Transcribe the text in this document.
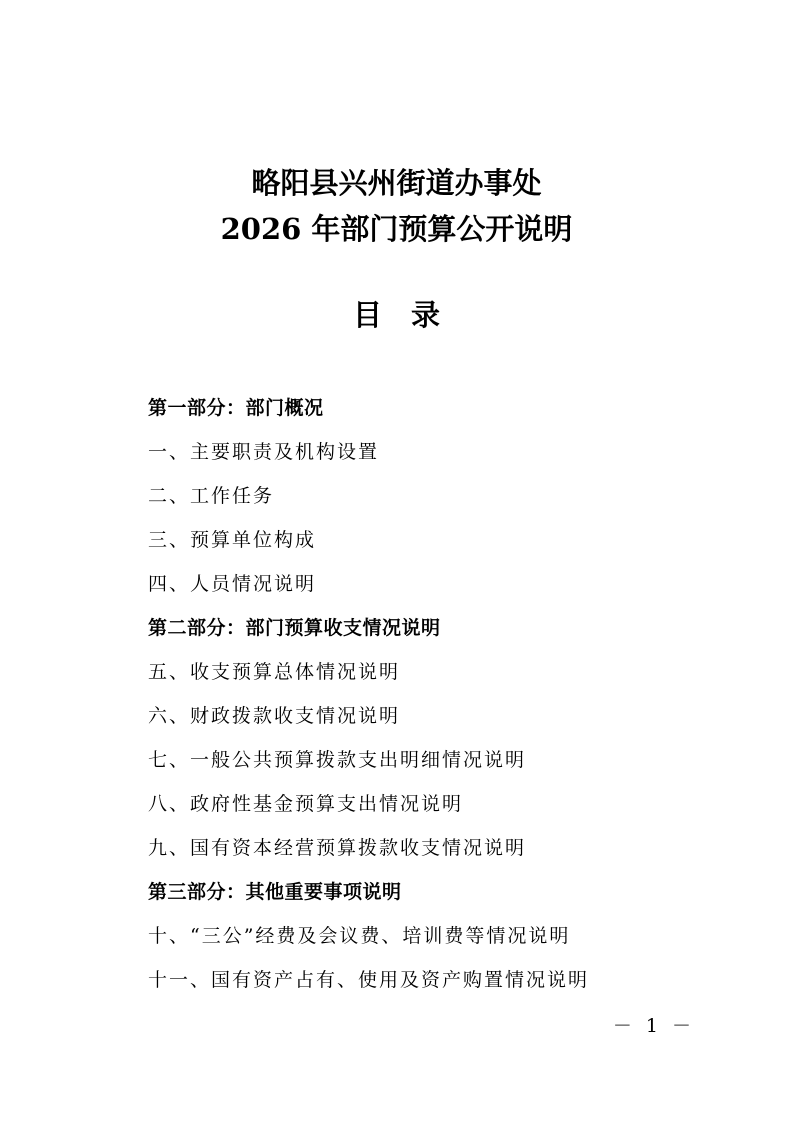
略阳县兴州街道办事处
2026 年部门预算公开说明
目　录
第一部分：部门概况
一、主要职责及机构设置
二、工作任务
三、预算单位构成
四、人员情况说明
第二部分：部门预算收支情况说明
五、收支预算总体情况说明
六、财政拨款收支情况说明
七、一般公共预算拨款支出明细情况说明
八、政府性基金预算支出情况说明
九、国有资本经营预算拨款收支情况说明
第三部分：其他重要事项说明
十、“三公”经费及会议费、培训费等情况说明
十一、国有资产占有、使用及资产购置情况说明
－ 1 －
